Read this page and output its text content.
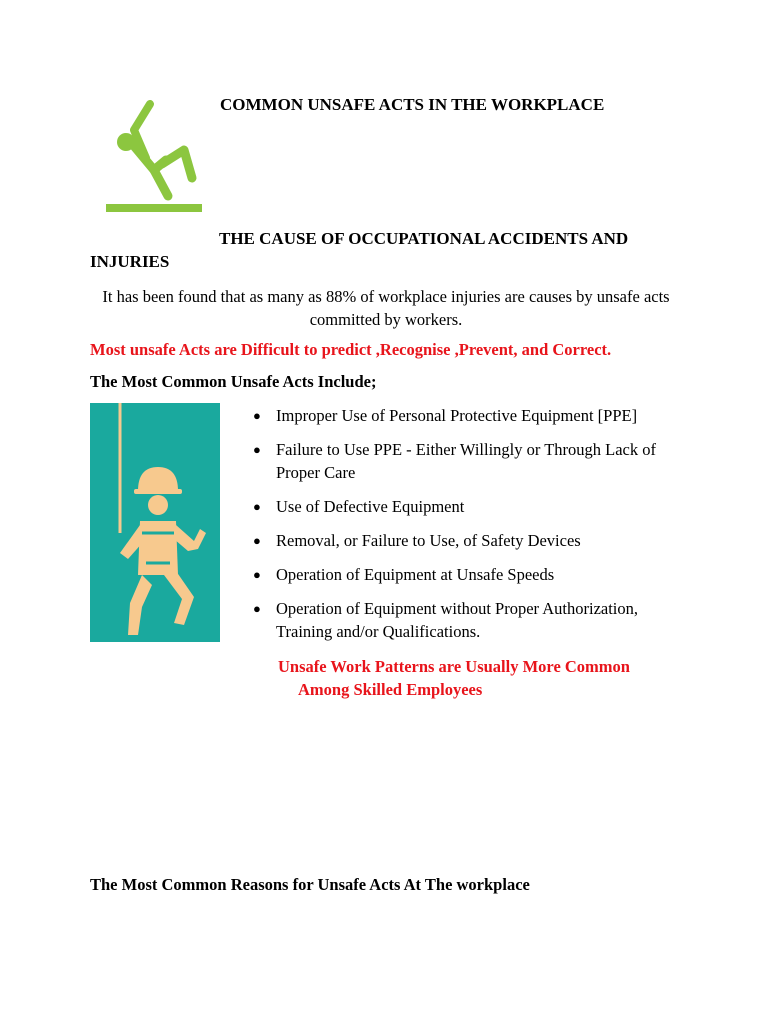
COMMON UNSAFE ACTS IN THE WORKPLACE
THE CAUSE OF OCCUPATIONAL ACCIDENTS AND
INJURIES
It has been found that as many as 88% of workplace injuries are causes by unsafe acts committed by workers.
Most unsafe Acts are Difficult to predict ,Recognise ,Prevent, and Correct.
The Most Common Unsafe Acts Include;
● Improper Use of Personal Protective Equipment [PPE]
● Failure to Use PPE - Either Willingly or Through Lack of Proper Care
● Use of Defective Equipment
● Removal, or Failure to Use, of Safety Devices
● Operation of Equipment at Unsafe Speeds
● Operation of Equipment without Proper Authorization, Training and/or Qualifications.
Unsafe Work Patterns are Usually More Common
Among Skilled Employees
The Most Common Reasons for Unsafe Acts At The workplace
